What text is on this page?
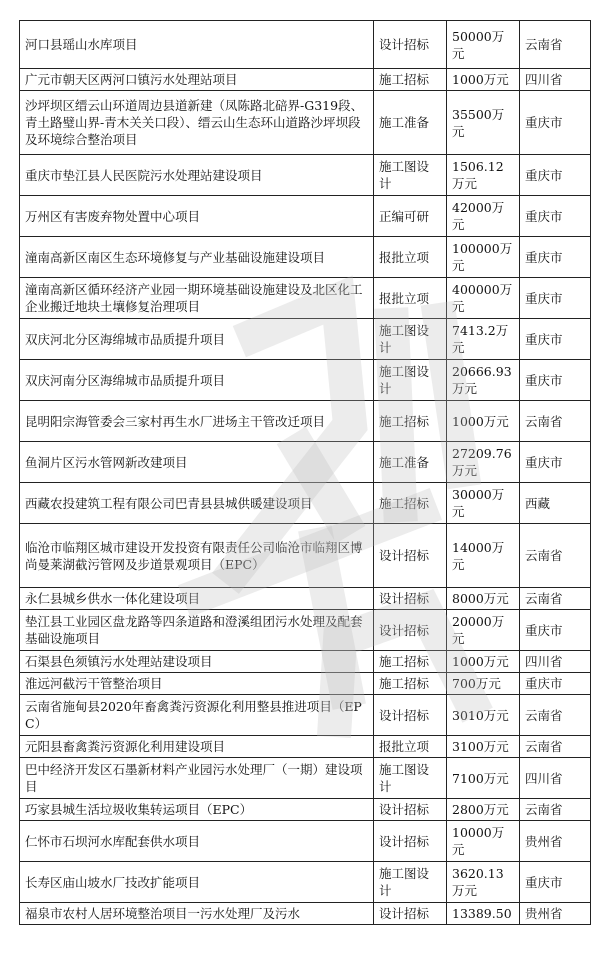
河口县瑶山水库项目	设计招标	50000万元	云南省
广元市朝天区两河口镇污水处理站项目	施工招标	1000万元	四川省
沙坪坝区缙云山环道周边县道新建（凤陈路北碚界-G319段、青土路璧山界-青木关关口段）、缙云山生态环山道路沙坪坝段及环境综合整治项目	施工准备	35500万元	重庆市
重庆市垫江县人民医院污水处理站建设项目	施工图设计	1506.12万元	重庆市
万州区有害废弃物处置中心项目	正编可研	42000万元	重庆市
潼南高新区南区生态环境修复与产业基础设施建设项目	报批立项	100000万元	重庆市
潼南高新区循环经济产业园一期环境基础设施建设及北区化工企业搬迁地块土壤修复治理项目	报批立项	400000万元	重庆市
双庆河北分区海绵城市品质提升项目	施工图设计	7413.2万元	重庆市
双庆河南分区海绵城市品质提升项目	施工图设计	20666.93万元	重庆市
昆明阳宗海管委会三家村再生水厂进场主干管改迁项目	施工招标	1000万元	云南省
鱼洞片区污水管网新改建项目	施工准备	27209.76万元	重庆市
西藏农投建筑工程有限公司巴青县县城供暖建设项目	施工招标	30000万元	西藏
临沧市临翔区城市建设开发投资有限责任公司临沧市临翔区博尚曼莱湖截污管网及步道景观项目（EPC）	设计招标	14000万元	云南省
永仁县城乡供水一体化建设项目	设计招标	8000万元	云南省
垫江县工业园区盘龙路等四条道路和澄溪组团污水处理及配套基础设施项目	设计招标	20000万元	重庆市
石渠县色须镇污水处理站建设项目	施工招标	1000万元	四川省
淮远河截污干管整治项目	施工招标	700万元	重庆市
云南省施甸县2020年畜禽粪污资源化利用整县推进项目（EPC）	设计招标	3010万元	云南省
元阳县畜禽粪污资源化利用建设项目	报批立项	3100万元	云南省
巴中经济开发区石墨新材料产业园污水处理厂（一期）建设项目	施工图设计	7100万元	四川省
巧家县城生活垃圾收集转运项目（EPC）	设计招标	2800万元	云南省
仁怀市石坝河水库配套供水项目	设计招标	10000万元	贵州省
长寿区庙山坡水厂技改扩能项目	施工图设计	3620.13万元	重庆市
福泉市农村人居环境整治项目一污水处理厂及污水	设计招标	13389.50	贵州省
